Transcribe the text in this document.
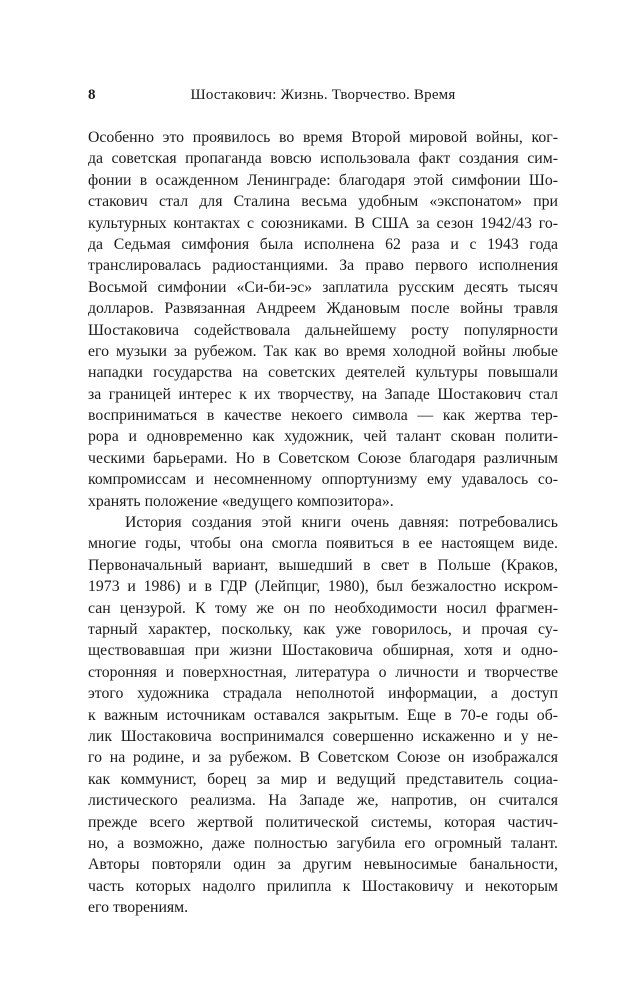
8	Шостакович: Жизнь. Творчество. Время
Особенно это проявилось во время Второй мировой войны, ког-
да советская пропаганда вовсю использовала факт создания сим-
фонии в осажденном Ленинграде: благодаря этой симфонии Шо-
стакович стал для Сталина весьма удобным «экспонатом» при
культурных контактах с союзниками. В США за сезон 1942/43 го-
да Седьмая симфония была исполнена 62 раза и с 1943 года
транслировалась радиостанциями. За право первого исполнения
Восьмой симфонии «Си-би-эс» заплатила русским десять тысяч
долларов. Развязанная Андреем Ждановым после войны травля
Шостаковича содействовала дальнейшему росту популярности
его музыки за рубежом. Так как во время холодной войны любые
нападки государства на советских деятелей культуры повышали
за границей интерес к их творчеству, на Западе Шостакович стал
восприниматься в качестве некоего символа — как жертва тер-
рора и одновременно как художник, чей талант скован полити-
ческими барьерами. Но в Советском Союзе благодаря различным
компромиссам и несомненному оппортунизму ему удавалось со-
хранять положение «ведущего композитора».
История создания этой книги очень давняя: потребовались
многие годы, чтобы она смогла появиться в ее настоящем виде.
Первоначальный вариант, вышедший в свет в Польше (Краков,
1973 и 1986) и в ГДР (Лейпциг, 1980), был безжалостно искром-
сан цензурой. К тому же он по необходимости носил фрагмен-
тарный характер, поскольку, как уже говорилось, и прочая су-
ществовавшая при жизни Шостаковича обширная, хотя и одно-
сторонняя и поверхностная, литература о личности и творчестве
этого художника страдала неполнотой информации, а доступ
к важным источникам оставался закрытым. Еще в 70-е годы об-
лик Шостаковича воспринимался совершенно искаженно и у не-
го на родине, и за рубежом. В Советском Союзе он изображался
как коммунист, борец за мир и ведущий представитель социа-
листического реализма. На Западе же, напротив, он считался
прежде всего жертвой политической системы, которая частич-
но, а возможно, даже полностью загубила его огромный талант.
Авторы повторяли один за другим невыносимые банальности,
часть которых надолго прилипла к Шостаковичу и некоторым
его творениям.
